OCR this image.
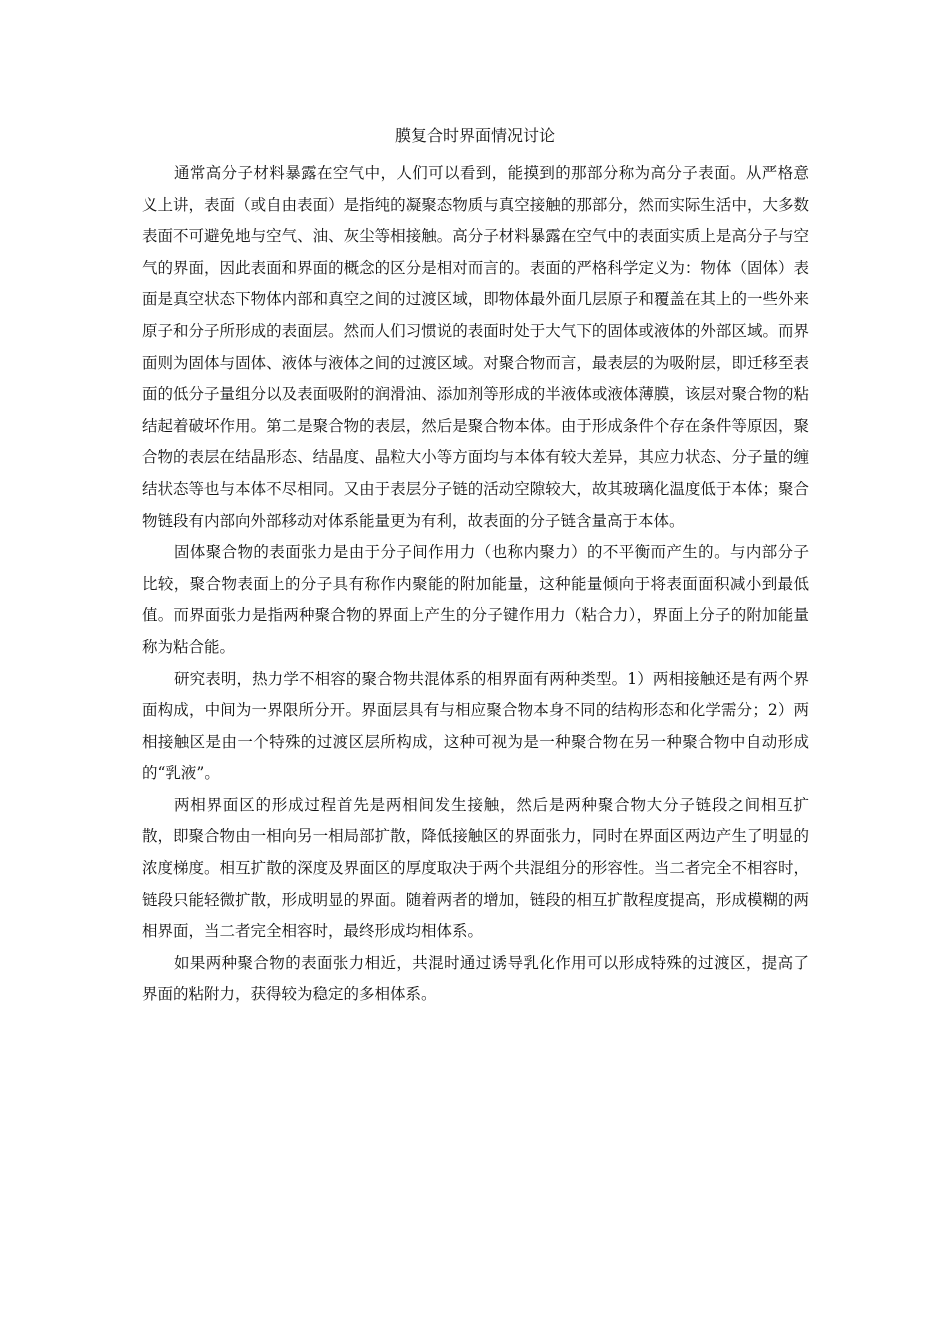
膜复合时界面情况讨论

通常高分子材料暴露在空气中，人们可以看到，能摸到的那部分称为高分子表面。从严格意义上讲，表面（或自由表面）是指纯的凝聚态物质与真空接触的那部分，然而实际生活中，大多数表面不可避免地与空气、油、灰尘等相接触。高分子材料暴露在空气中的表面实质上是高分子与空气的界面，因此表面和界面的概念的区分是相对而言的。表面的严格科学定义为：物体（固体）表面是真空状态下物体内部和真空之间的过渡区域，即物体最外面几层原子和覆盖在其上的一些外来原子和分子所形成的表面层。然而人们习惯说的表面时处于大气下的固体或液体的外部区域。而界面则为固体与固体、液体与液体之间的过渡区域。对聚合物而言，最表层的为吸附层，即迁移至表面的低分子量组分以及表面吸附的润滑油、添加剂等形成的半液体或液体薄膜，该层对聚合物的粘结起着破坏作用。第二是聚合物的表层，然后是聚合物本体。由于形成条件个存在条件等原因，聚合物的表层在结晶形态、结晶度、晶粒大小等方面均与本体有较大差异，其应力状态、分子量的缠结状态等也与本体不尽相同。又由于表层分子链的活动空隙较大，故其玻璃化温度低于本体；聚合物链段有内部向外部移动对体系能量更为有利，故表面的分子链含量高于本体。

固体聚合物的表面张力是由于分子间作用力（也称内聚力）的不平衡而产生的。与内部分子比较，聚合物表面上的分子具有称作内聚能的附加能量，这种能量倾向于将表面面积减小到最低值。而界面张力是指两种聚合物的界面上产生的分子键作用力（粘合力），界面上分子的附加能量称为粘合能。

研究表明，热力学不相容的聚合物共混体系的相界面有两种类型。1）两相接触还是有两个界面构成，中间为一界限所分开。界面层具有与相应聚合物本身不同的结构形态和化学需分；2）两相接触区是由一个特殊的过渡区层所构成，这种可视为是一种聚合物在另一种聚合物中自动形成的“乳液”。

两相界面区的形成过程首先是两相间发生接触，然后是两种聚合物大分子链段之间相互扩散，即聚合物由一相向另一相局部扩散，降低接触区的界面张力，同时在界面区两边产生了明显的浓度梯度。相互扩散的深度及界面区的厚度取决于两个共混组分的形容性。当二者完全不相容时，链段只能轻微扩散，形成明显的界面。随着两者的增加，链段的相互扩散程度提高，形成模糊的两相界面，当二者完全相容时，最终形成均相体系。

如果两种聚合物的表面张力相近，共混时通过诱导乳化作用可以形成特殊的过渡区，提高了界面的粘附力，获得较为稳定的多相体系。
